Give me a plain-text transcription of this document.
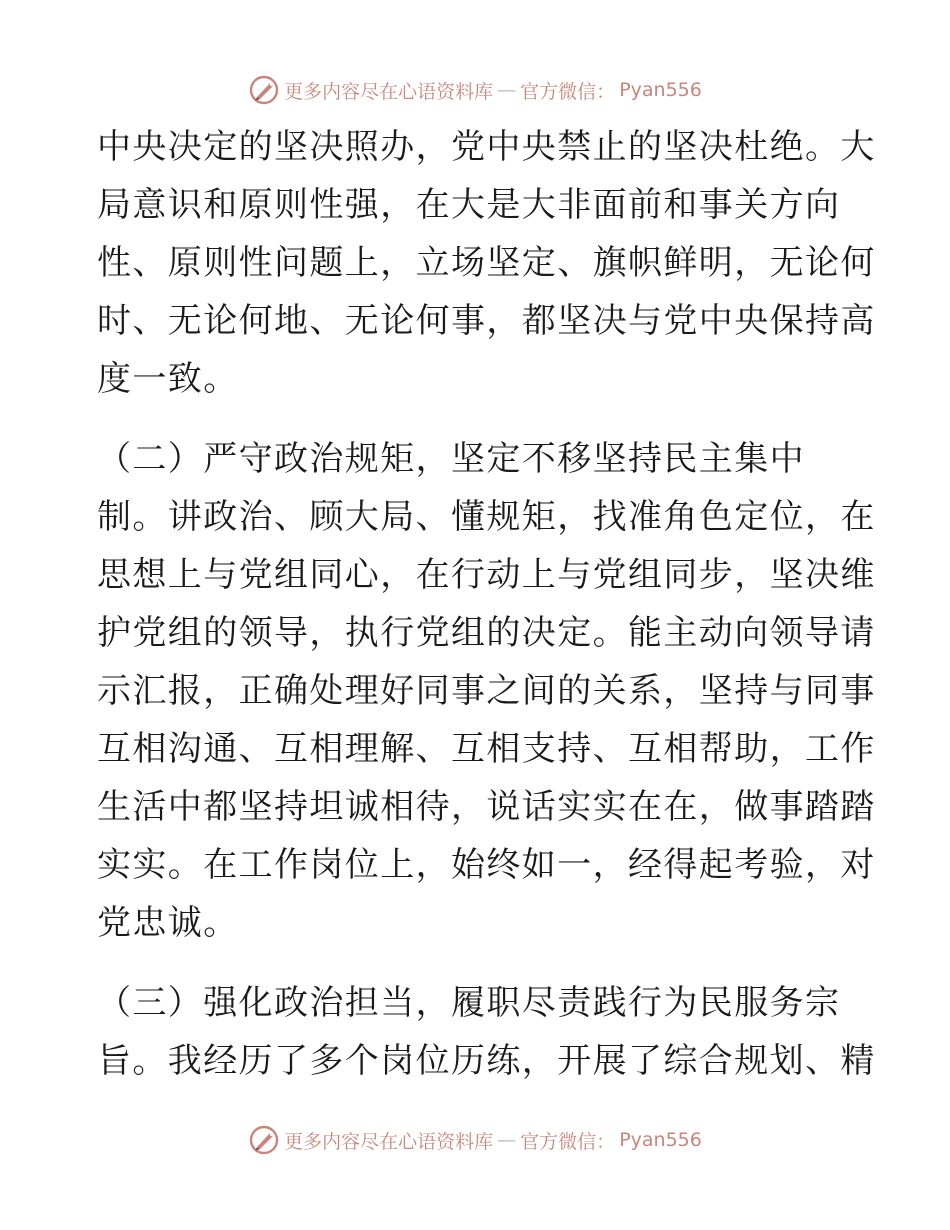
更多内容尽在心语资料库 — 官方微信： Pyan556

中央决定的坚决照办，党中央禁止的坚决杜绝。大
局意识和原则性强，在大是大非面前和事关方向
性、原则性问题上，立场坚定、旗帜鲜明，无论何
时、无论何地、无论何事，都坚决与党中央保持高
度一致。

（二）严守政治规矩，坚定不移坚持民主集中
制。讲政治、顾大局、懂规矩，找准角色定位，在
思想上与党组同心，在行动上与党组同步，坚决维
护党组的领导，执行党组的决定。能主动向领导请
示汇报，正确处理好同事之间的关系，坚持与同事
互相沟通、互相理解、互相支持、互相帮助，工作
生活中都坚持坦诚相待，说话实实在在，做事踏踏
实实。在工作岗位上，始终如一，经得起考验，对
党忠诚。

（三）强化政治担当，履职尽责践行为民服务宗
旨。我经历了多个岗位历练，开展了综合规划、精

更多内容尽在心语资料库 — 官方微信： Pyan556
